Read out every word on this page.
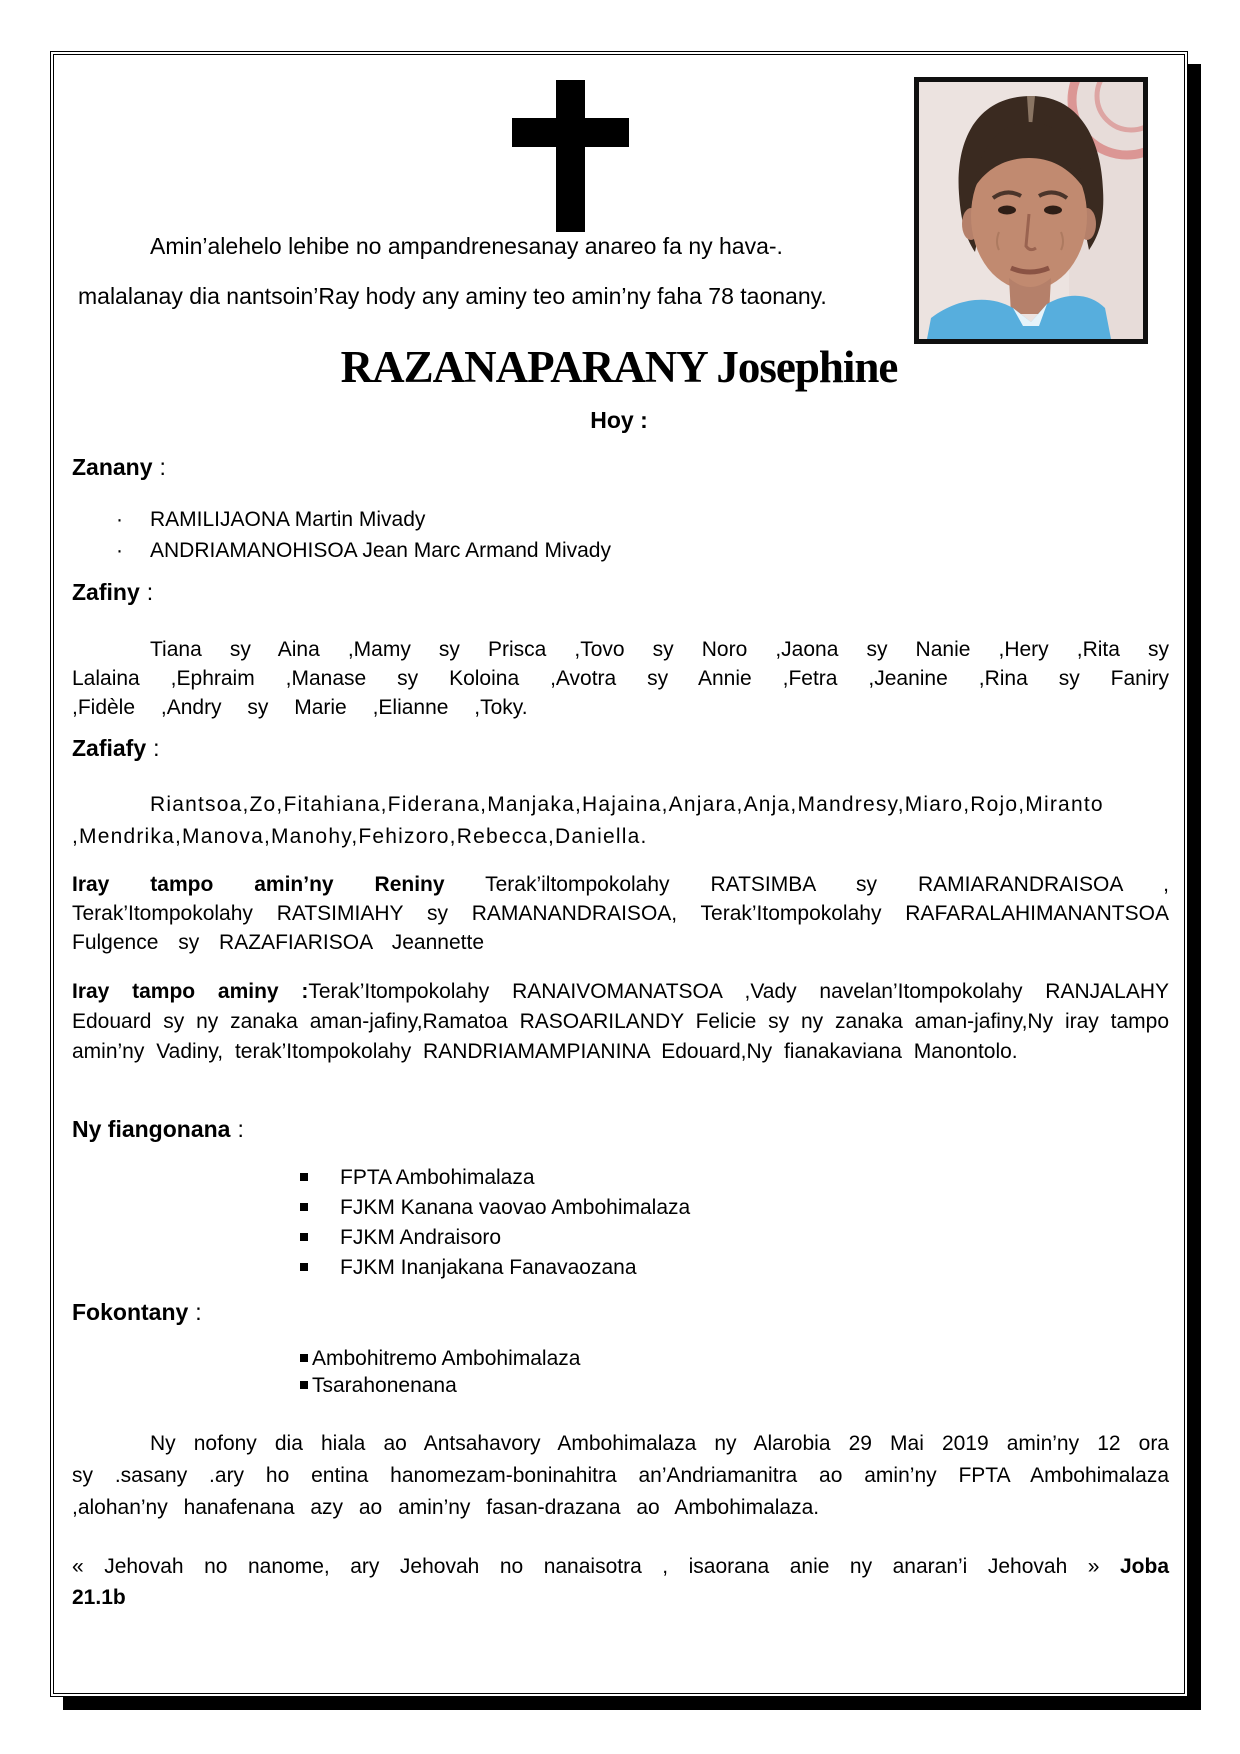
Amin’alehelo lehibe no ampandrenesanay anareo fa ny hava-.
malalanay dia nantsoin’Ray hody any aminy teo amin’ny faha 78 taonany.
RAZANAPARANY Josephine
Hoy :
Zanany :
· RAMILIJAONA Martin Mivady
· ANDRIAMANOHISOA Jean Marc Armand Mivady
Zafiny :
Tiana sy Aina ,Mamy sy Prisca ,Tovo sy Noro ,Jaona sy Nanie ,Hery ,Rita sy Lalaina ,Ephraim ,Manase sy Koloina ,Avotra sy Annie ,Fetra ,Jeanine ,Rina sy Faniry ,Fidèle ,Andry sy Marie ,Elianne ,Toky.
Zafiafy :
Riantsoa,Zo,Fitahiana,Fiderana,Manjaka,Hajaina,Anjara,Anja,Mandresy,Miaro,Rojo,Miranto ,Mendrika,Manova,Manohy,Fehizoro,Rebecca,Daniella.
Iray tampo amin’ny Reniny Terak’iltompokolahy RATSIMBA sy RAMIARANDRAISOA , Terak’Itompokolahy RATSIMIAHY sy RAMANANDRAISOA, Terak’Itompokolahy RAFARALAHIMANANTSOA Fulgence sy RAZAFIARISOA Jeannette
Iray tampo aminy :Terak’Itompokolahy RANAIVOMANATSOA ,Vady navelan’Itompokolahy RANJALAHY Edouard sy ny zanaka aman-jafiny,Ramatoa RASOARILANDY Felicie sy ny zanaka aman-jafiny,Ny iray tampo amin’ny Vadiny, terak’Itompokolahy RANDRIAMAMPIANINA Edouard,Ny fianakaviana Manontolo.
Ny fiangonana :
FPTA Ambohimalaza
FJKM Kanana vaovao Ambohimalaza
FJKM Andraisoro
FJKM Inanjakana Fanavaozana
Fokontany :
Ambohitremo Ambohimalaza
Tsarahonenana
Ny nofony dia hiala ao Antsahavory Ambohimalaza ny Alarobia 29 Mai 2019 amin’ny 12 ora sy .sasany .ary ho entina hanomezam-boninahitra an’Andriamanitra ao amin’ny FPTA Ambohimalaza ,alohan’ny hanafenana azy ao amin’ny fasan-drazana ao Ambohimalaza.
« Jehovah no nanome, ary Jehovah no nanaisotra , isaorana anie ny anaran’i Jehovah » Joba 21.1b
